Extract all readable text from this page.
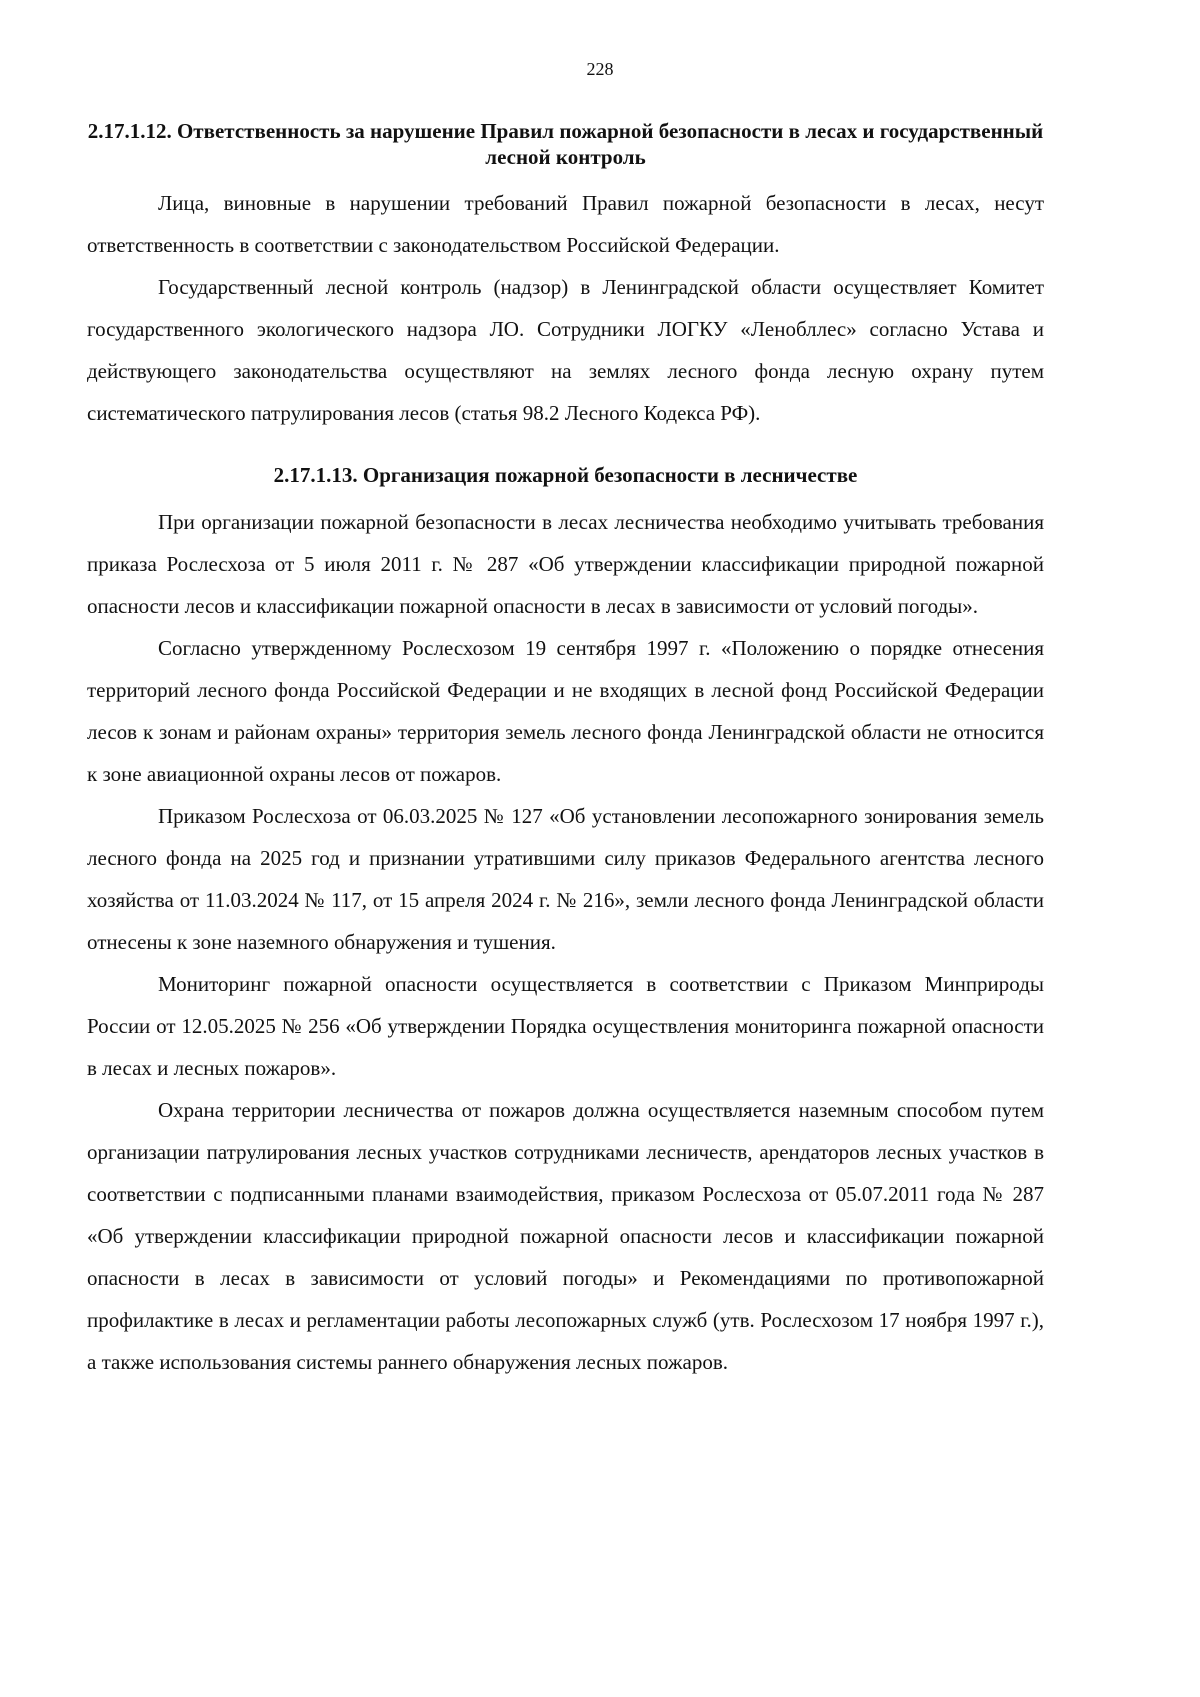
228
2.17.1.12. Ответственность за нарушение Правил пожарной безопасности в лесах и государственный лесной контроль

Лица, виновные в нарушении требований Правил пожарной безопасности в лесах, несут ответственность в соответствии с законодательством Российской Федерации.

Государственный лесной контроль (надзор) в Ленинградской области осуществляет Комитет государственного экологического надзора ЛО. Сотрудники ЛОГКУ «Ленобллес» согласно Устава и действующего законодательства осуществляют на землях лесного фонда лесную охрану путем систематического патрулирования лесов (статья 98.2 Лесного Кодекса РФ).

2.17.1.13. Организация пожарной безопасности в лесничестве

При организации пожарной безопасности в лесах лесничества необходимо учитывать требования приказа Рослесхоза от 5 июля 2011 г. № 287 «Об утверждении классификации природной пожарной опасности лесов и классификации пожарной опасности в лесах в зависимости от условий погоды».

Согласно утвержденному Рослесхозом 19 сентября 1997 г. «Положению о порядке отнесения территорий лесного фонда Российской Федерации и не входящих в лесной фонд Российской Федерации лесов к зонам и районам охраны» территория земель лесного фонда Ленинградской области не относится к зоне авиационной охраны лесов от пожаров.

Приказом Рослесхоза от 06.03.2025 № 127 «Об установлении лесопожарного зонирования земель лесного фонда на 2025 год и признании утратившими силу приказов Федерального агентства лесного хозяйства от 11.03.2024 № 117, от 15 апреля 2024 г. № 216», земли лесного фонда Ленинградской области отнесены к зоне наземного обнаружения и тушения.

Мониторинг пожарной опасности осуществляется в соответствии с Приказом Минприроды России от 12.05.2025 № 256 «Об утверждении Порядка осуществления мониторинга пожарной опасности в лесах и лесных пожаров».

Охрана территории лесничества от пожаров должна осуществляется наземным способом путем организации патрулирования лесных участков сотрудниками лесничеств, арендаторов лесных участков в соответствии с подписанными планами взаимодействия, приказом Рослесхоза от 05.07.2011 года № 287 «Об утверждении классификации природной пожарной опасности лесов и классификации пожарной опасности в лесах в зависимости от условий погоды» и Рекомендациями по противопожарной профилактике в лесах и регламентации работы лесопожарных служб (утв. Рослесхозом 17 ноября 1997 г.), а также использования системы раннего обнаружения лесных пожаров.
